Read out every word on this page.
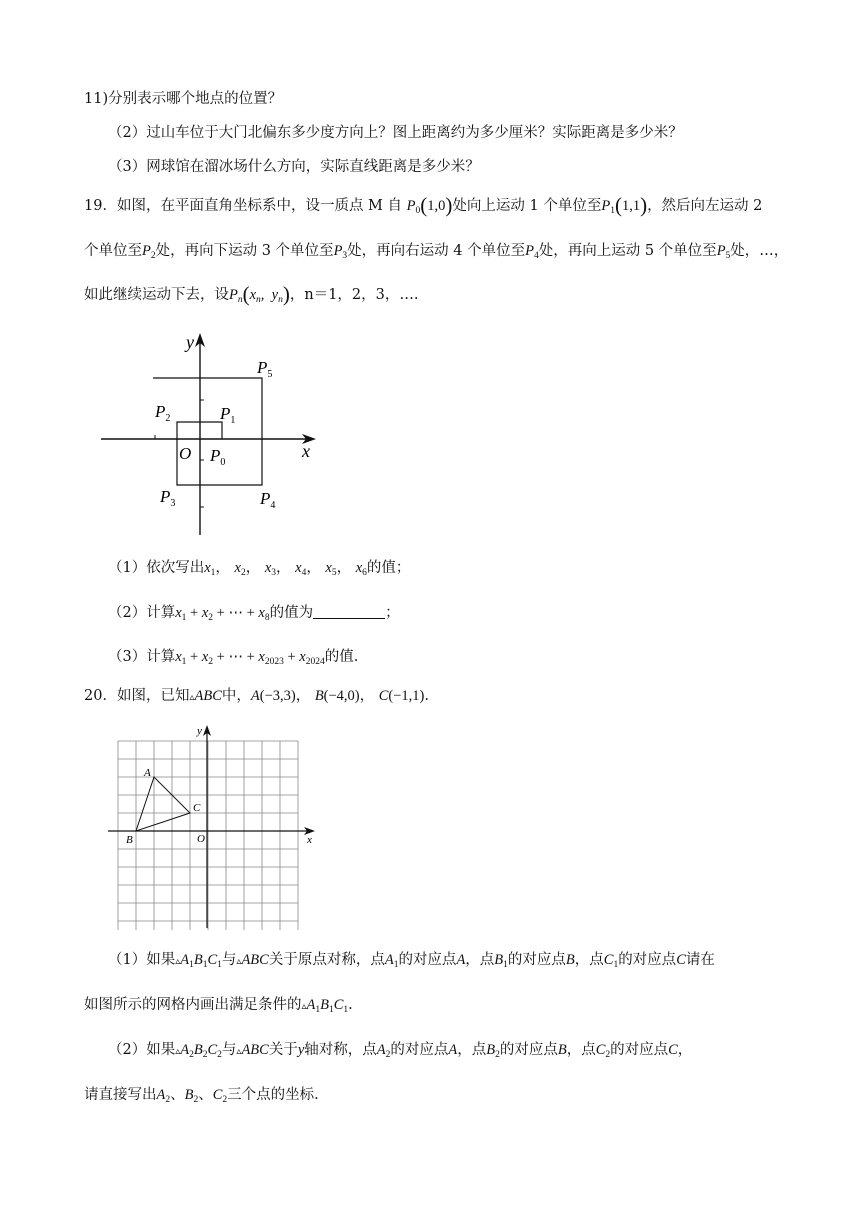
11)分别表示哪个地点的位置？
（2）过山车位于大门北偏东多少度方向上？图上距离约为多少厘米？实际距离是多少米？
（3）网球馆在溜冰场什么方向，实际直线距离是多少米？
19．如图，在平面直角坐标系中，设一质点 M 自 $P_0(1,0)$处向上运动 1 个单位至$P_1(1,1)$，然后向左运动 2
个单位至$P_2$处，再向下运动 3 个单位至$P_3$处，再向右运动 4 个单位至$P_4$处，再向上运动 5 个单位至$P_5$处，…，
如此继续运动下去，设$P_n(x_n$,  $y_n$)，n＝1，2，3，….
y
x
O $P_0$
$P_1$
$P_2$
$P_3$	$P_4$
$P_5$
（1）依次写出$x_1$， $x_2$， $x_3$， $x_4$， $x_5$， $x_6$的值；
（2）计算$x_1 + x_2$ + ⋯ + $x_8$的值为	；
（3）计算$x_1 + x_2$ + ⋯ + $x_{2023} + x_{2024}$的值.
20．如图，已知▵ABC中，A(−3,3)， B(−4,0)， C(−1,1).
y
x
O
A
B
C
（1）如果$▵A_1B_1C_1$与▵ABC关于原点对称，点$A_1$的对应点A，点$B_1$的对应点B，点$C_1$的对应点C请在
如图所示的网格内画出满足条件的$▵A_1B_1C_1$.
（2）如果$▵A_2B_2C_2$与▵ABC关于y轴对称，点$A_2$的对应点A，点$B_2$的对应点B，点$C_2$的对应点C，
请直接写出$A_2$、$B_2$、$C_2$三个点的坐标.
